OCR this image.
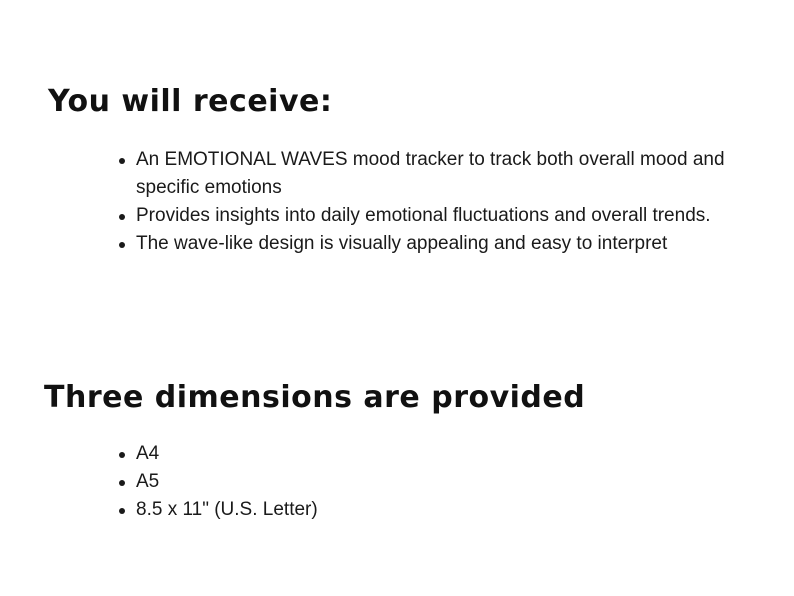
You will receive:
An EMOTIONAL WAVES mood tracker to track both overall mood and specific emotions
Provides insights into daily emotional fluctuations and overall trends.
The wave-like design is visually appealing and easy to interpret
Three dimensions are provided
A4
A5
8.5 x 11" (U.S. Letter)
